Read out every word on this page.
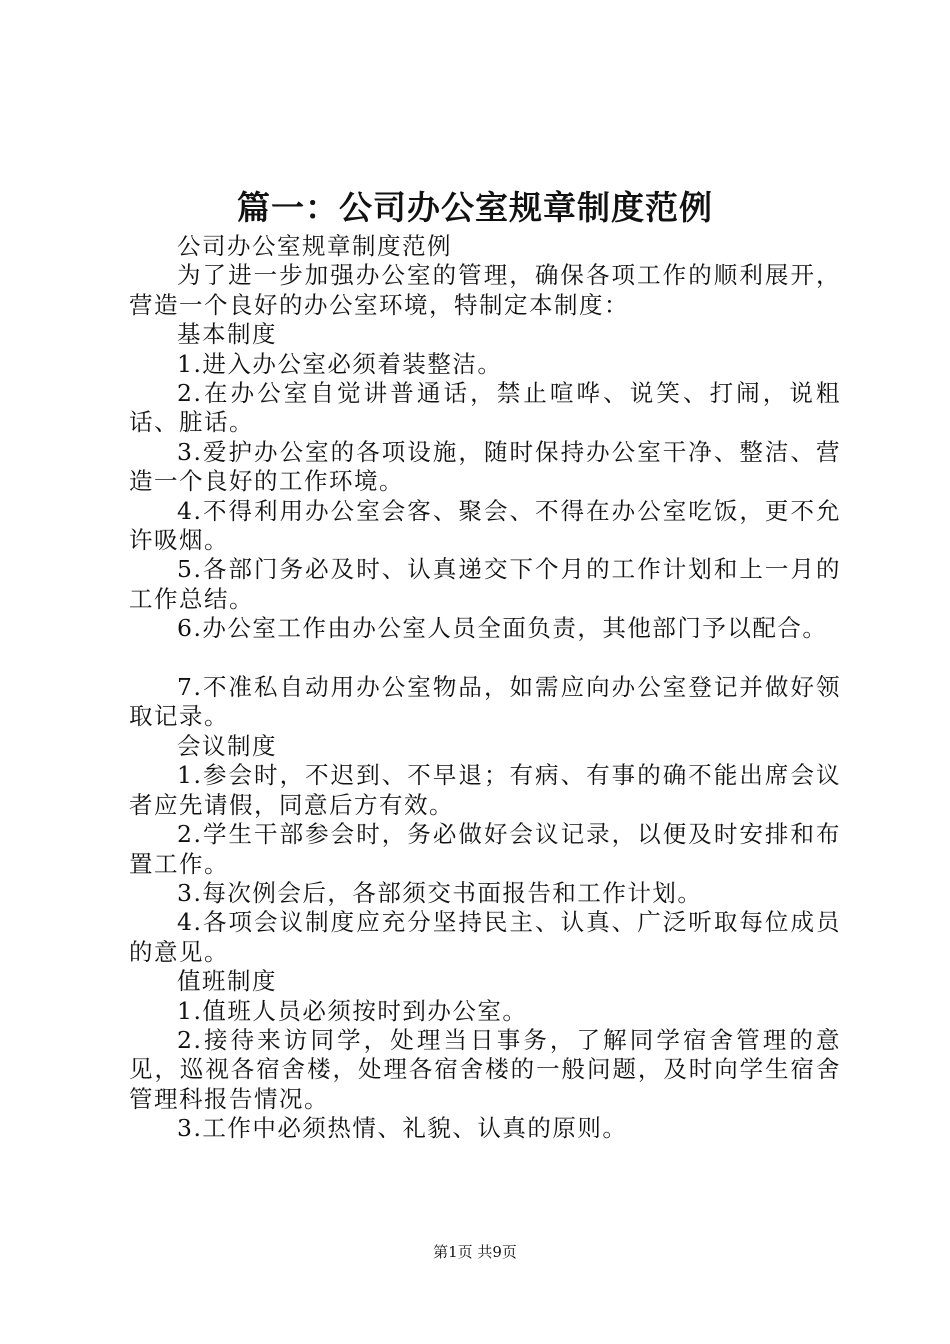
篇一：公司办公室规章制度范例

公司办公室规章制度范例

为了进一步加强办公室的管理，确保各项工作的顺利展开，营造一个良好的办公室环境，特制定本制度：

基本制度

1.进入办公室必须着装整洁。

2.在办公室自觉讲普通话，禁止喧哗、说笑、打闹，说粗话、脏话。

3.爱护办公室的各项设施，随时保持办公室干净、整洁、营造一个良好的工作环境。

4.不得利用办公室会客、聚会、不得在办公室吃饭，更不允许吸烟。

5.各部门务必及时、认真递交下个月的工作计划和上一月的工作总结。

6.办公室工作由办公室人员全面负责，其他部门予以配合。

7.不准私自动用办公室物品，如需应向办公室登记并做好领取记录。

会议制度

1.参会时，不迟到、不早退；有病、有事的确不能出席会议者应先请假，同意后方有效。

2.学生干部参会时，务必做好会议记录，以便及时安排和布置工作。

3.每次例会后，各部须交书面报告和工作计划。

4.各项会议制度应充分坚持民主、认真、广泛听取每位成员的意见。

值班制度

1.值班人员必须按时到办公室。

2.接待来访同学，处理当日事务，了解同学宿舍管理的意见，巡视各宿舍楼，处理各宿舍楼的一般问题，及时向学生宿舍管理科报告情况。

3.工作中必须热情、礼貌、认真的原则。

第1页 共9页
